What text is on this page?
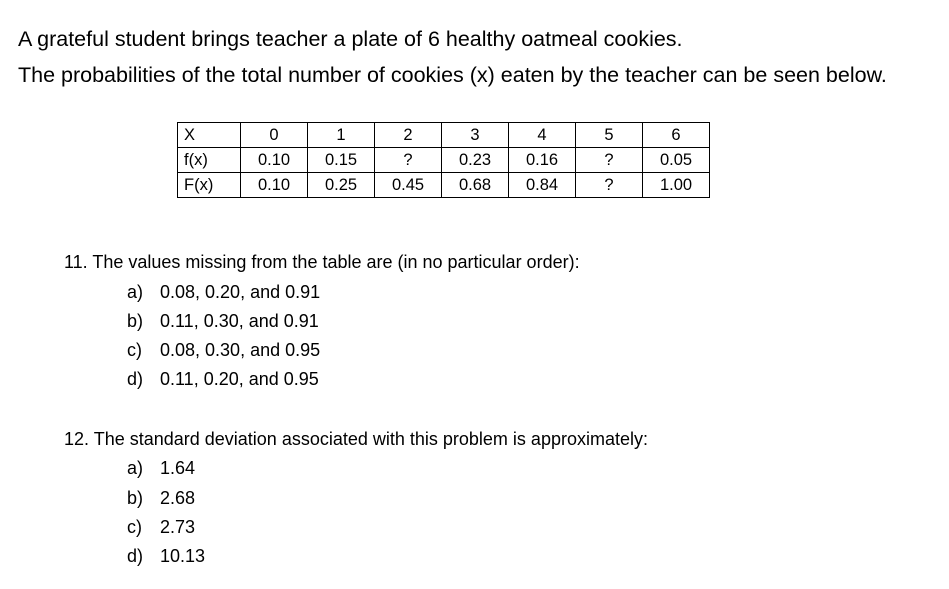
A grateful student brings teacher a plate of 6 healthy oatmeal cookies.
The probabilities of the total number of cookies (x) eaten by the teacher can be seen below.
X	0	1	2	3	4	5	6
f(x)	0.10	0.15	?	0.23	0.16	?	0.05
F(x)	0.10	0.25	0.45	0.68	0.84	?	1.00
11. The values missing from the table are (in no particular order):
a) 0.08, 0.20, and 0.91
b) 0.11, 0.30, and 0.91
c) 0.08, 0.30, and 0.95
d) 0.11, 0.20, and 0.95
12. The standard deviation associated with this problem is approximately:
a) 1.64
b) 2.68
c) 2.73
d) 10.13
